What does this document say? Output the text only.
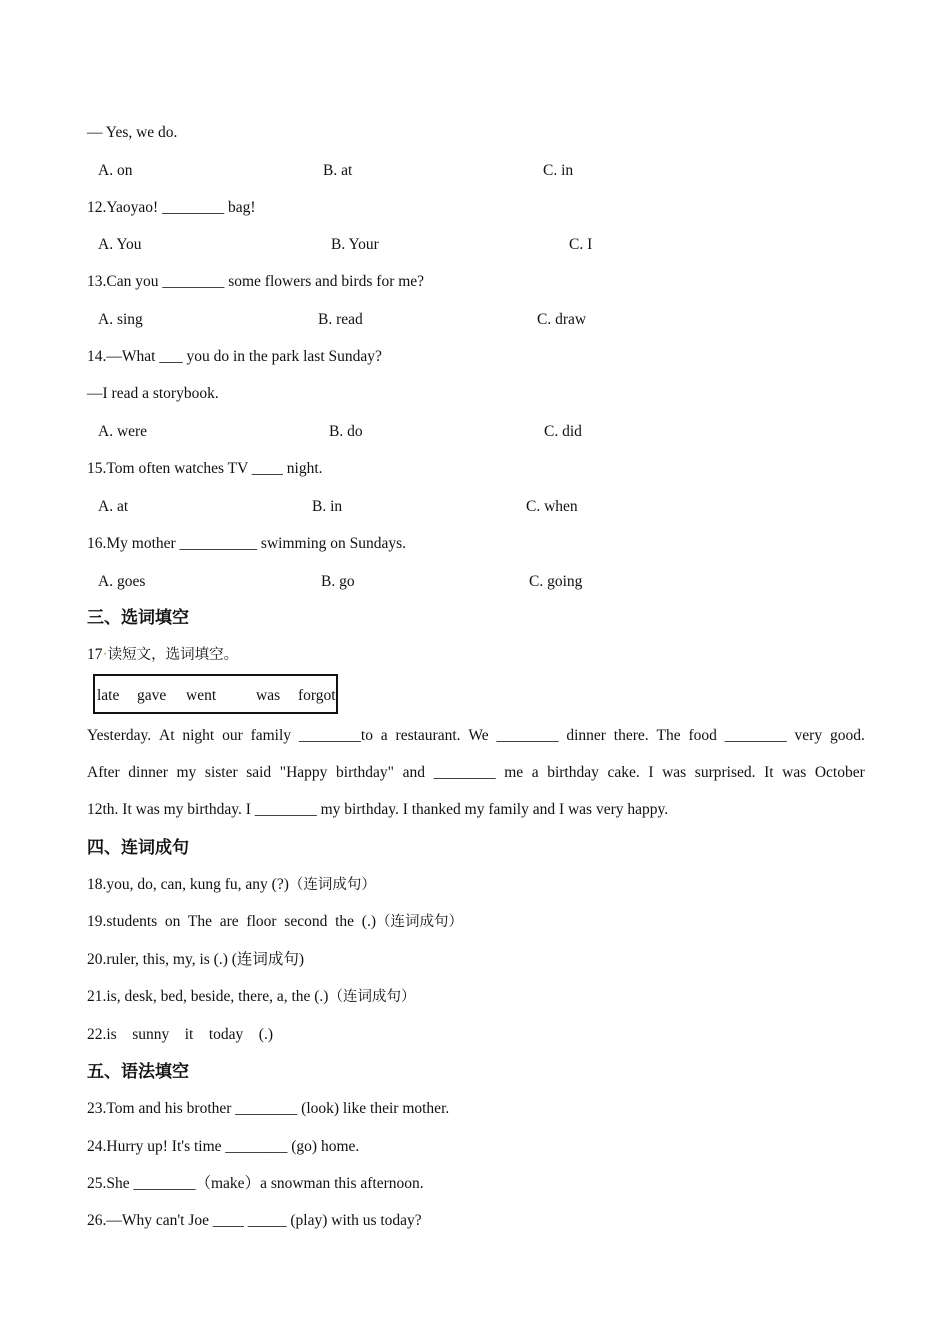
— Yes, we do.
A. on	B. at	C. in
12.Yaoyao! ________ bag!
A. You	B. Your	C. I
13.Can you ________ some flowers and birds for me?
A. sing	B. read	C. draw
14.—What ___ you do in the park last Sunday?
—I read a storybook.
A. were	B. do	C. did
15.Tom often watches TV ____ night.
A. at	B. in	C. when
16.My mother __________ swimming on Sundays.
A. goes	B. go	C. going
三、选词填空
17·读短文，选词填空。
late gave went	was forgot
Yesterday. At night our family ________to a restaurant. We ________ dinner there. The food ________ very good.
After dinner my sister said "Happy birthday" and ________ me a birthday cake. I was surprised. It was October
12th. It was my birthday. I ________ my birthday. I thanked my family and I was very happy.
四、连词成句
18.you, do, can, kung fu, any (?)（连词成句）
19.students  on  The  are  floor  second  the  (.)（连词成句）
20.ruler, this, my, is (.) (连词成句)
21.is, desk, bed, beside, there, a, the (.)（连词成句）
22.is    sunny    it    today    (.)
五、语法填空
23.Tom and his brother ________ (look) like their mother.
24.Hurry up! It's time ________ (go) home.
25.She ________（make）a snowman this afternoon.
26.—Why can't Joe ____ _____ (play) with us today?
